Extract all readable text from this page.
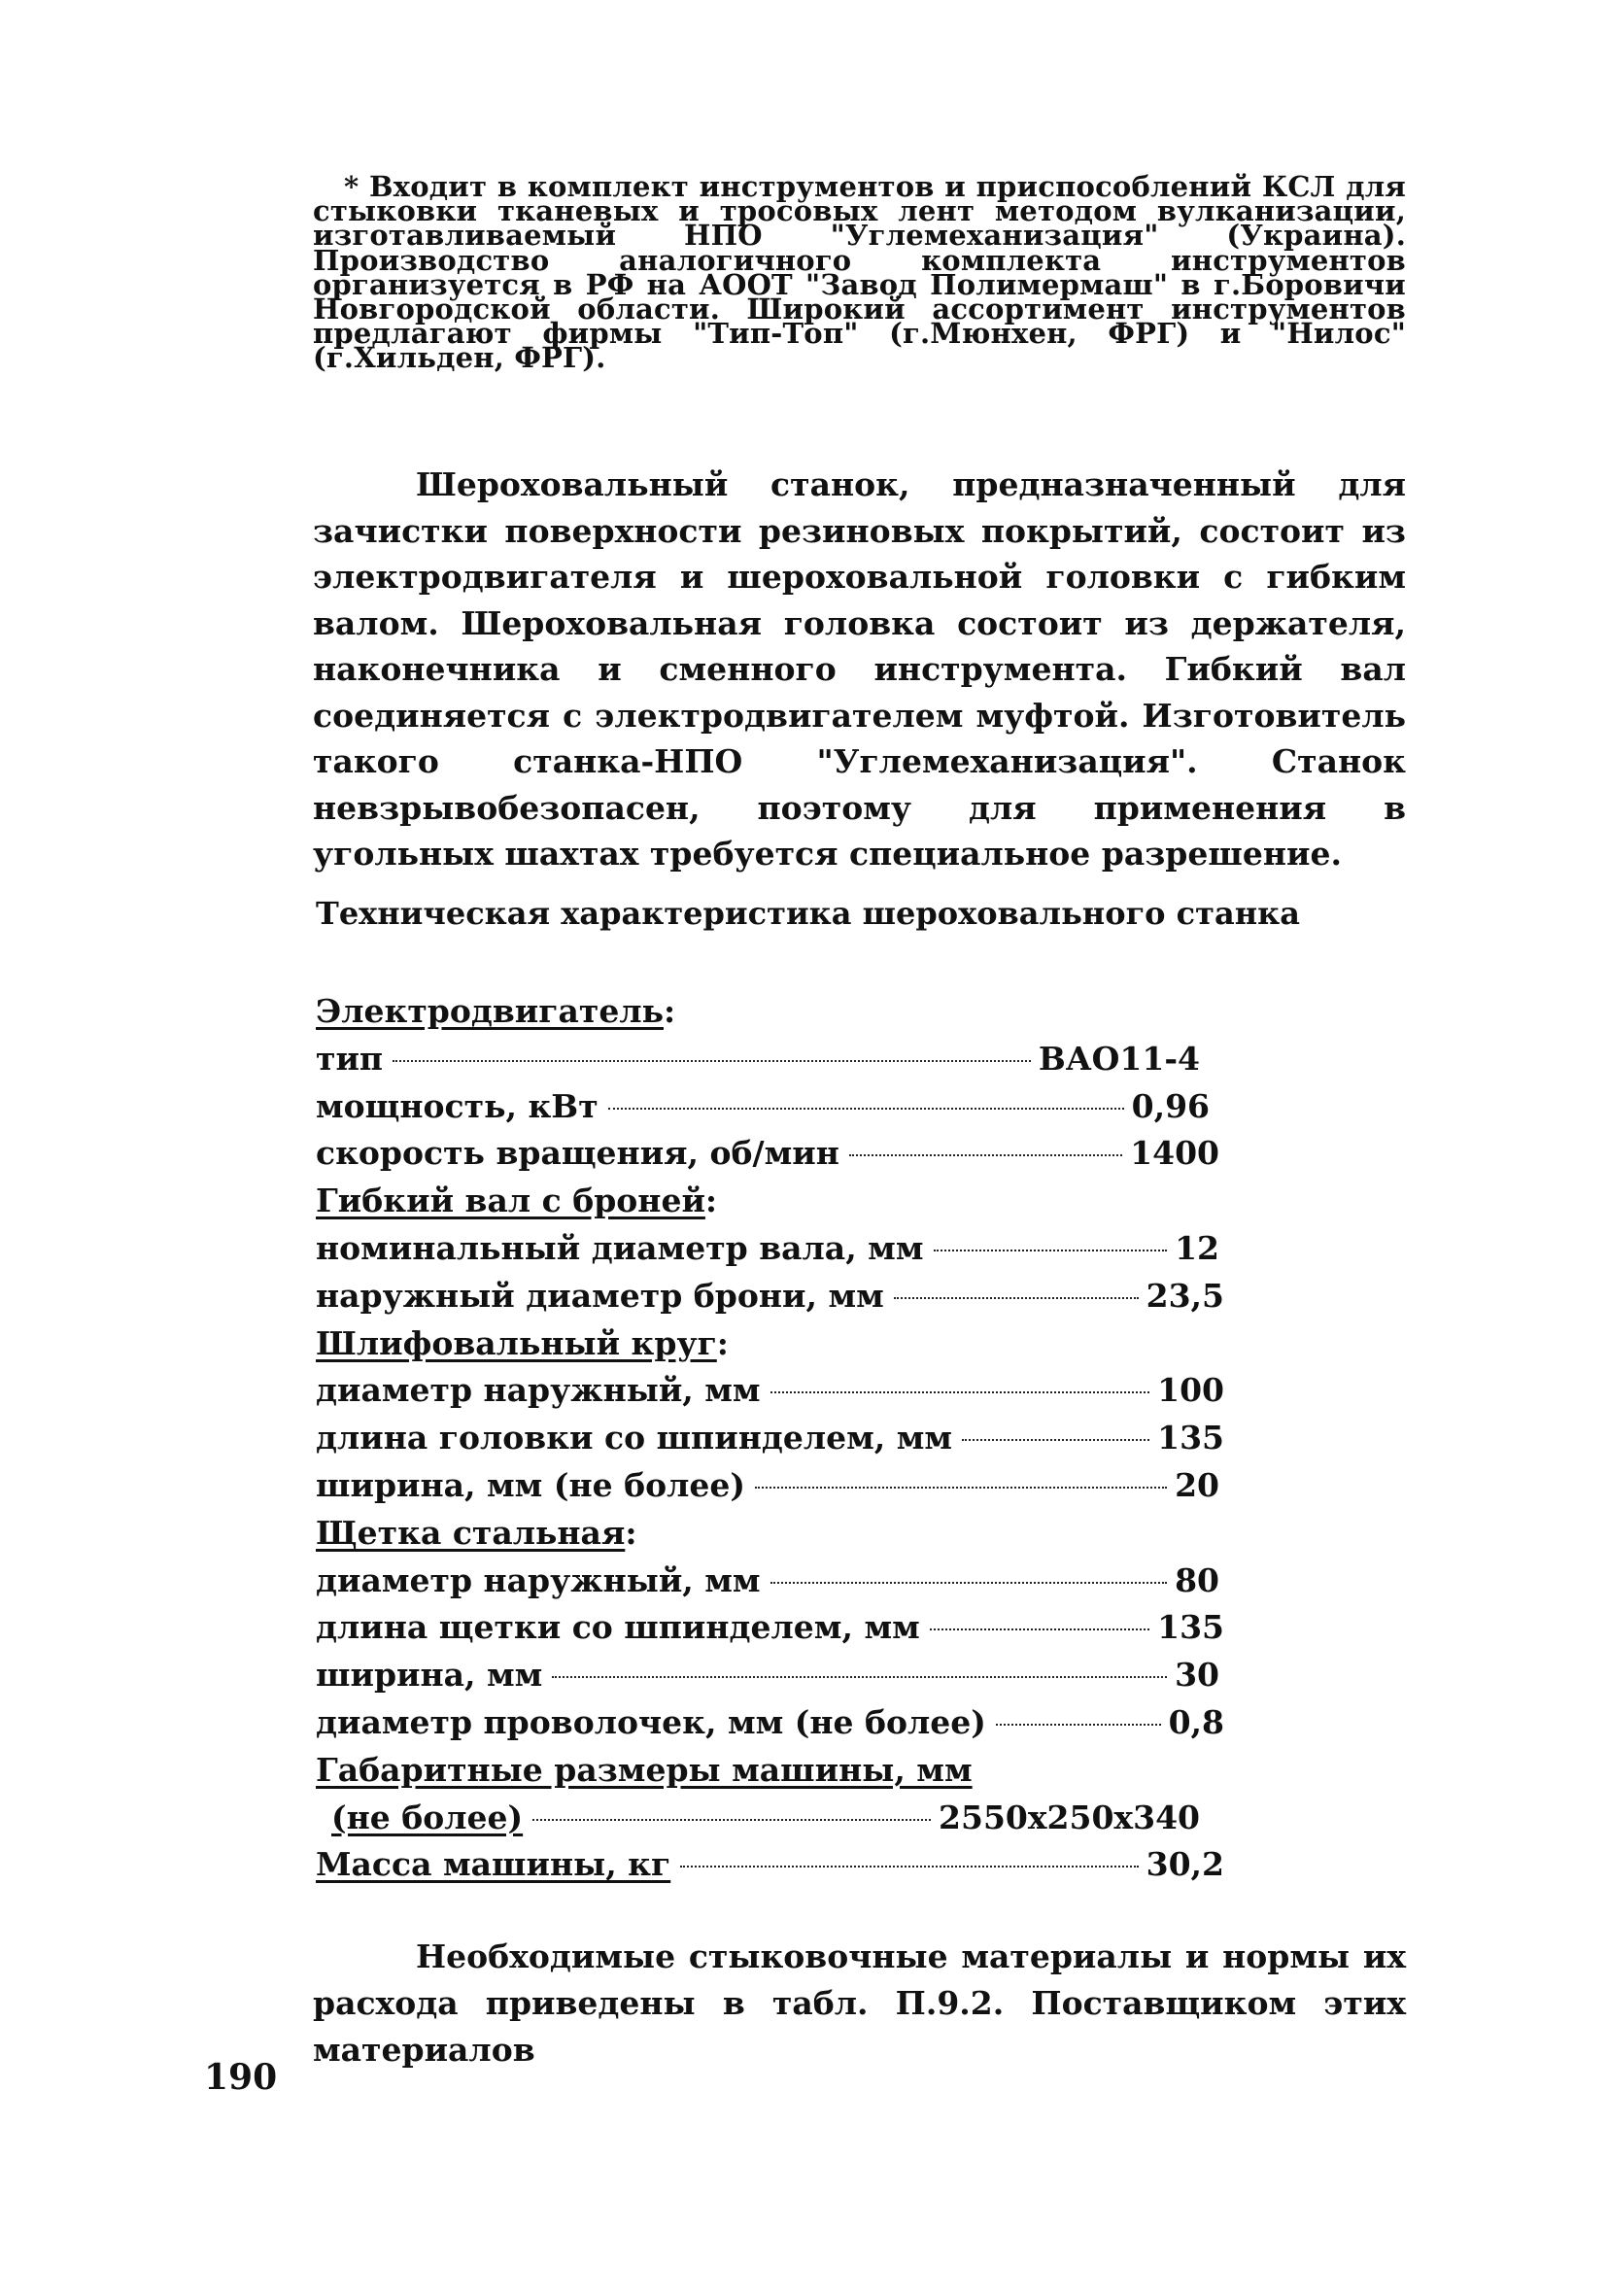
* Входит в комплект инструментов и приспособлений КСЛ для стыковки тканевых и тросовых лент методом вулканизации, изготавливаемый НПО "Углемеханизация" (Украина). Производство аналогичного комплекта инструментов организуется в РФ на АООТ "Завод Полимермаш" в г.Боровичи Новгородской области. Широкий ассортимент инструментов предлагают фирмы "Тип-Топ" (г.Мюнхен, ФРГ) и "Нилос" (г.Хильден, ФРГ).
Шероховальный станок, предназначенный для зачистки поверхности резиновых покрытий, состоит из электродвигателя и шероховальной головки с гибким валом. Шероховальная головка состоит из держателя, наконечника и сменного инструмента. Гибкий вал соединяется с электродвигателем муфтой. Изготовитель такого станка-НПО "Углемеханизация". Станок невзрывобезопасен, поэтому для применения в угольных шахтах требуется специальное разрешение.
Техническая характеристика шероховального станка
Электродвигатель :
тип	ВАО11-4
мощность, кВт	0,96
скорость вращения, об/мин	1400
Гибкий вал с броней :
номинальный диаметр вала, мм	12
наружный диаметр брони, мм	23,5
Шлифовальный круг :
диаметр наружный, мм	100
длина головки со шпинделем, мм	135
ширина, мм (не более)	20
Щетка стальная :
диаметр наружный, мм	80
длина щетки со шпинделем, мм	135
ширина, мм	30
диаметр проволочек, мм (не более)	0,8
Габаритные размеры машины, мм
(не более)	2550х250х340
Масса машины, кг	30,2
Необходимые стыковочные материалы и нормы их расхода приведены в табл. П.9.2. Поставщиком этих материалов
190
